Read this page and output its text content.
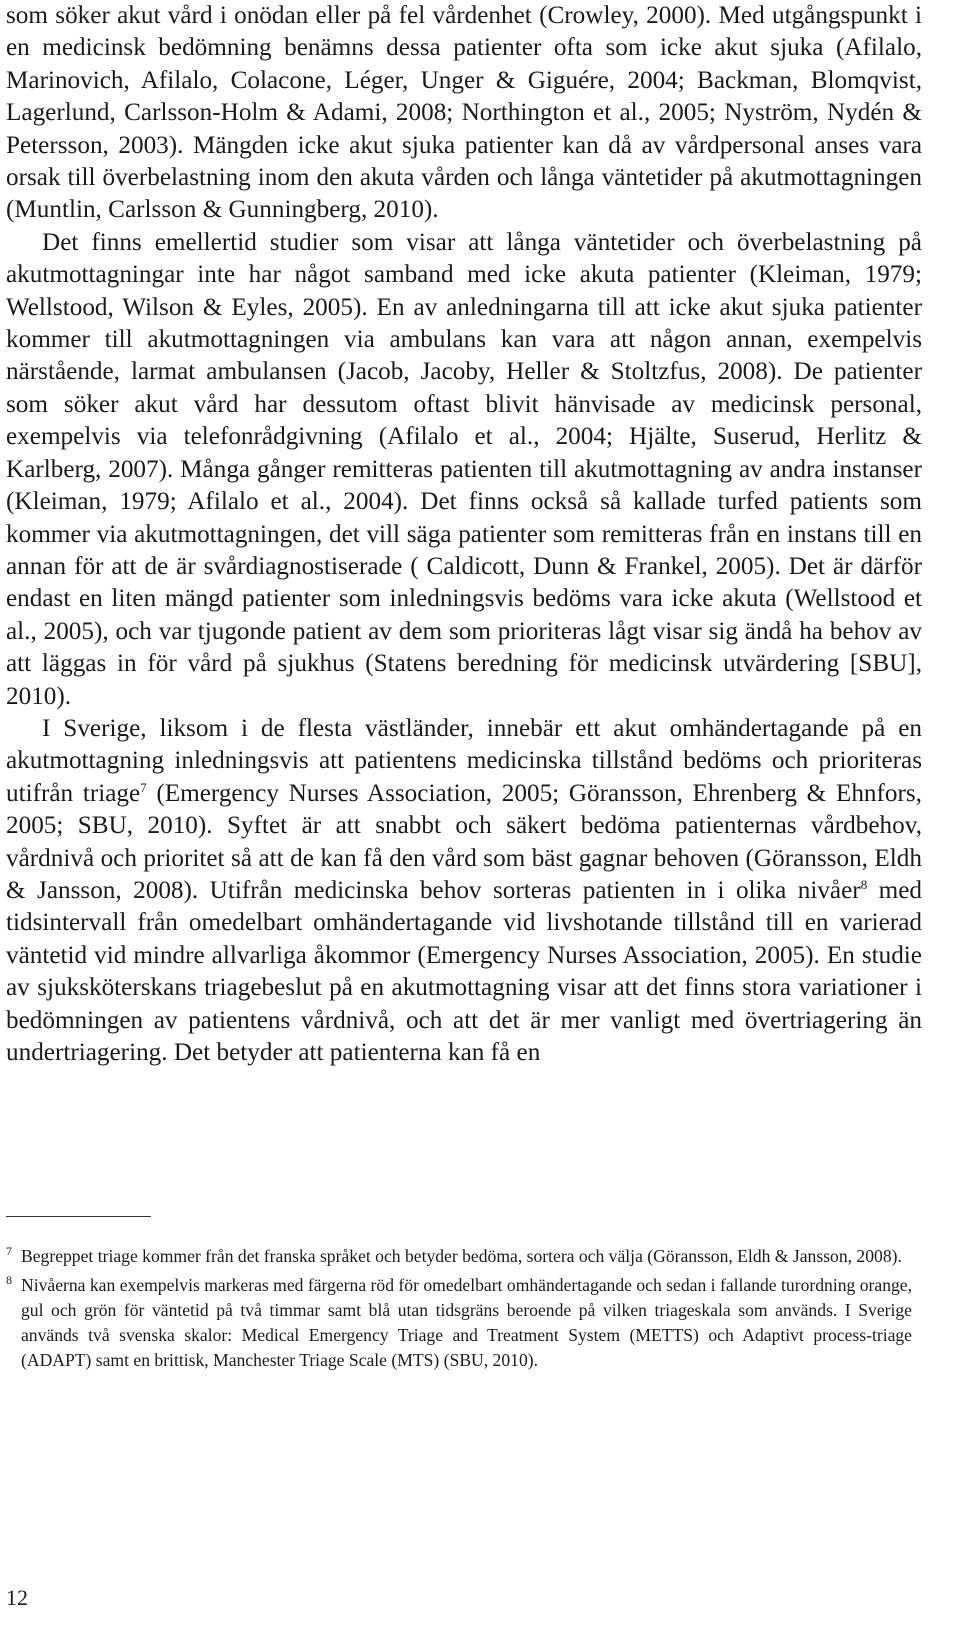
som söker akut vård i onödan eller på fel vårdenhet (Crowley, 2000). Med utgångspunkt i en medicinsk bedömning benämns dessa patienter ofta som icke akut sjuka (Afilalo, Marinovich, Afilalo, Colacone, Léger, Unger & Giguére, 2004; Backman, Blomqvist, Lagerlund, Carlsson-Holm & Adami, 2008; Northington et al., 2005; Nyström, Nydén & Petersson, 2003). Mängden icke akut sjuka patienter kan då av vårdpersonal anses vara orsak till överbelastning inom den akuta vården och långa väntetider på akutmottagningen (Muntlin, Carlsson & Gunningberg, 2010).

Det finns emellertid studier som visar att långa väntetider och överbelastning på akutmottagningar inte har något samband med icke akuta patienter (Kleiman, 1979; Wellstood, Wilson & Eyles, 2005). En av anledningarna till att icke akut sjuka patienter kommer till akutmottagningen via ambulans kan vara att någon annan, exempelvis närstående, larmat ambulansen (Jacob, Jacoby, Heller & Stoltzfus, 2008). De patienter som söker akut vård har dessutom oftast blivit hänvisade av medicinsk personal, exempelvis via telefonrådgivning (Afilalo et al., 2004; Hjälte, Suserud, Herlitz & Karlberg, 2007). Många gånger remitteras patienten till akutmottagning av andra instanser (Kleiman, 1979; Afilalo et al., 2004). Det finns också så kallade turfed patients som kommer via akutmottagningen, det vill säga patienter som remitteras från en instans till en annan för att de är svårdiagnostiserade ( Caldicott, Dunn & Frankel, 2005). Det är därför endast en liten mängd patienter som inledningsvis bedöms vara icke akuta (Wellstood et al., 2005), och var tjugonde patient av dem som prioriteras lågt visar sig ändå ha behov av att läggas in för vård på sjukhus (Statens beredning för medicinsk utvärdering [SBU], 2010).

I Sverige, liksom i de flesta västländer, innebär ett akut omhändertagande på en akutmottagning inledningsvis att patientens medicinska tillstånd bedöms och prioriteras utifrån triage$^7$ (Emergency Nurses Association, 2005; Göransson, Ehrenberg & Ehnfors, 2005; SBU, 2010). Syftet är att snabbt och säkert bedöma patienternas vårdbehov, vårdnivå och prioritet så att de kan få den vård som bäst gagnar behoven (Göransson, Eldh & Jansson, 2008). Utifrån medicinska behov sorteras patienten in i olika nivåer$^8$ med tidsintervall från omedelbart omhändertagande vid livshotande tillstånd till en varierad väntetid vid mindre allvarliga åkommor (Emergency Nurses Association, 2005). En studie av sjuksköterskans triagebeslut på en akutmottagning visar att det finns stora variationer i bedömningen av patientens vårdnivå, och att det är mer vanligt med övertriagering än undertriagering. Det betyder att patienterna kan få en

7 Begreppet triage kommer från det franska språket och betyder bedöma, sortera och välja (Göransson, Eldh & Jansson, 2008).

8 Nivåerna kan exempelvis markeras med färgerna röd för omedelbart omhändertagande och sedan i fallande turordning orange, gul och grön för väntetid på två timmar samt blå utan tidsgräns beroende på vilken triageskala som används. I Sverige används två svenska skalor: Medical Emergency Triage and Treatment System (METTS) och Adaptivt process-triage (ADAPT) samt en brittisk, Manchester Triage Scale (MTS) (SBU, 2010).

12
